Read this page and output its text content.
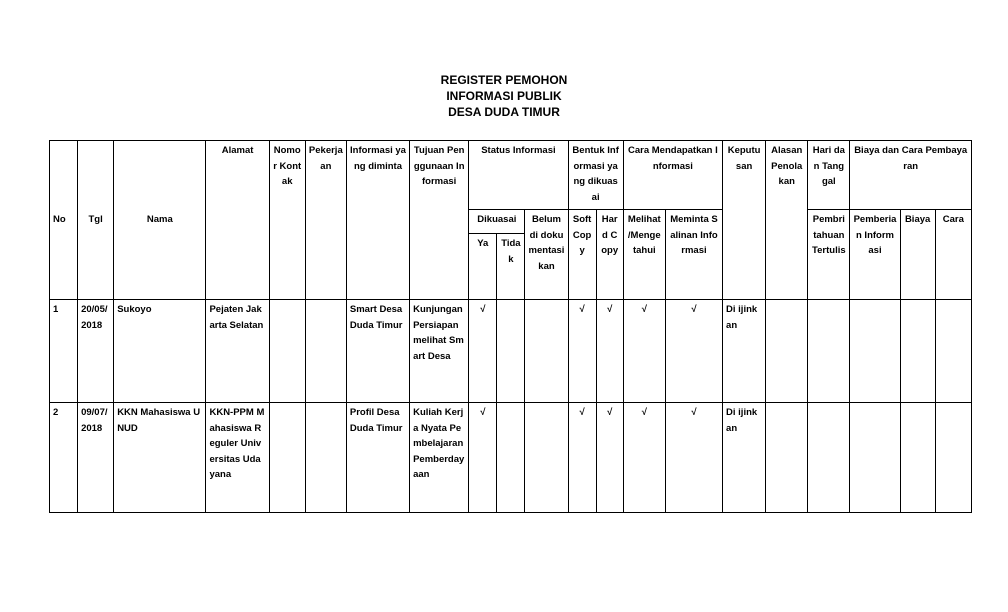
REGISTER PEMOHON
INFORMASI PUBLIK
DESA DUDA TIMUR
No	Tgl	Nama	Alamat	Nomor Kontak	Pekerjaan	Informasi yang diminta	Tujuan Penggunaan Informasi	Status Informasi			Bentuk Informasi yang dikuasai		Cara Mendapatkan Informasi		Keputusan	Alasan Penolakan	Hari dan Tanggal	Biaya dan Cara Pembayaran		
								Dikuasai		Belum di dokumentasikan	Soft Copy	Hard Copy	Melihat /Mengetahui	Meminta Salinan Informasi			Pembritahuan Tertulis	Pemberian Informasi	Biaya	Cara
								Ya	Tidak											
1	20/05/2018	Sukoyo	Pejaten Jakarta Selatan			Smart Desa Duda Timur	Kunjungan Persiapan melihat Smart Desa	√			√	√	√	√	Di ijinkan					
2	09/07/2018	KKN Mahasiswa UNUD	KKN-PPM Mahasiswa Reguler Universitas Udayana			Profil Desa Duda Timur	Kuliah Kerja Nyata Pembelajaran Pemberdayaan	√			√	√	√	√	Di ijinkan					
